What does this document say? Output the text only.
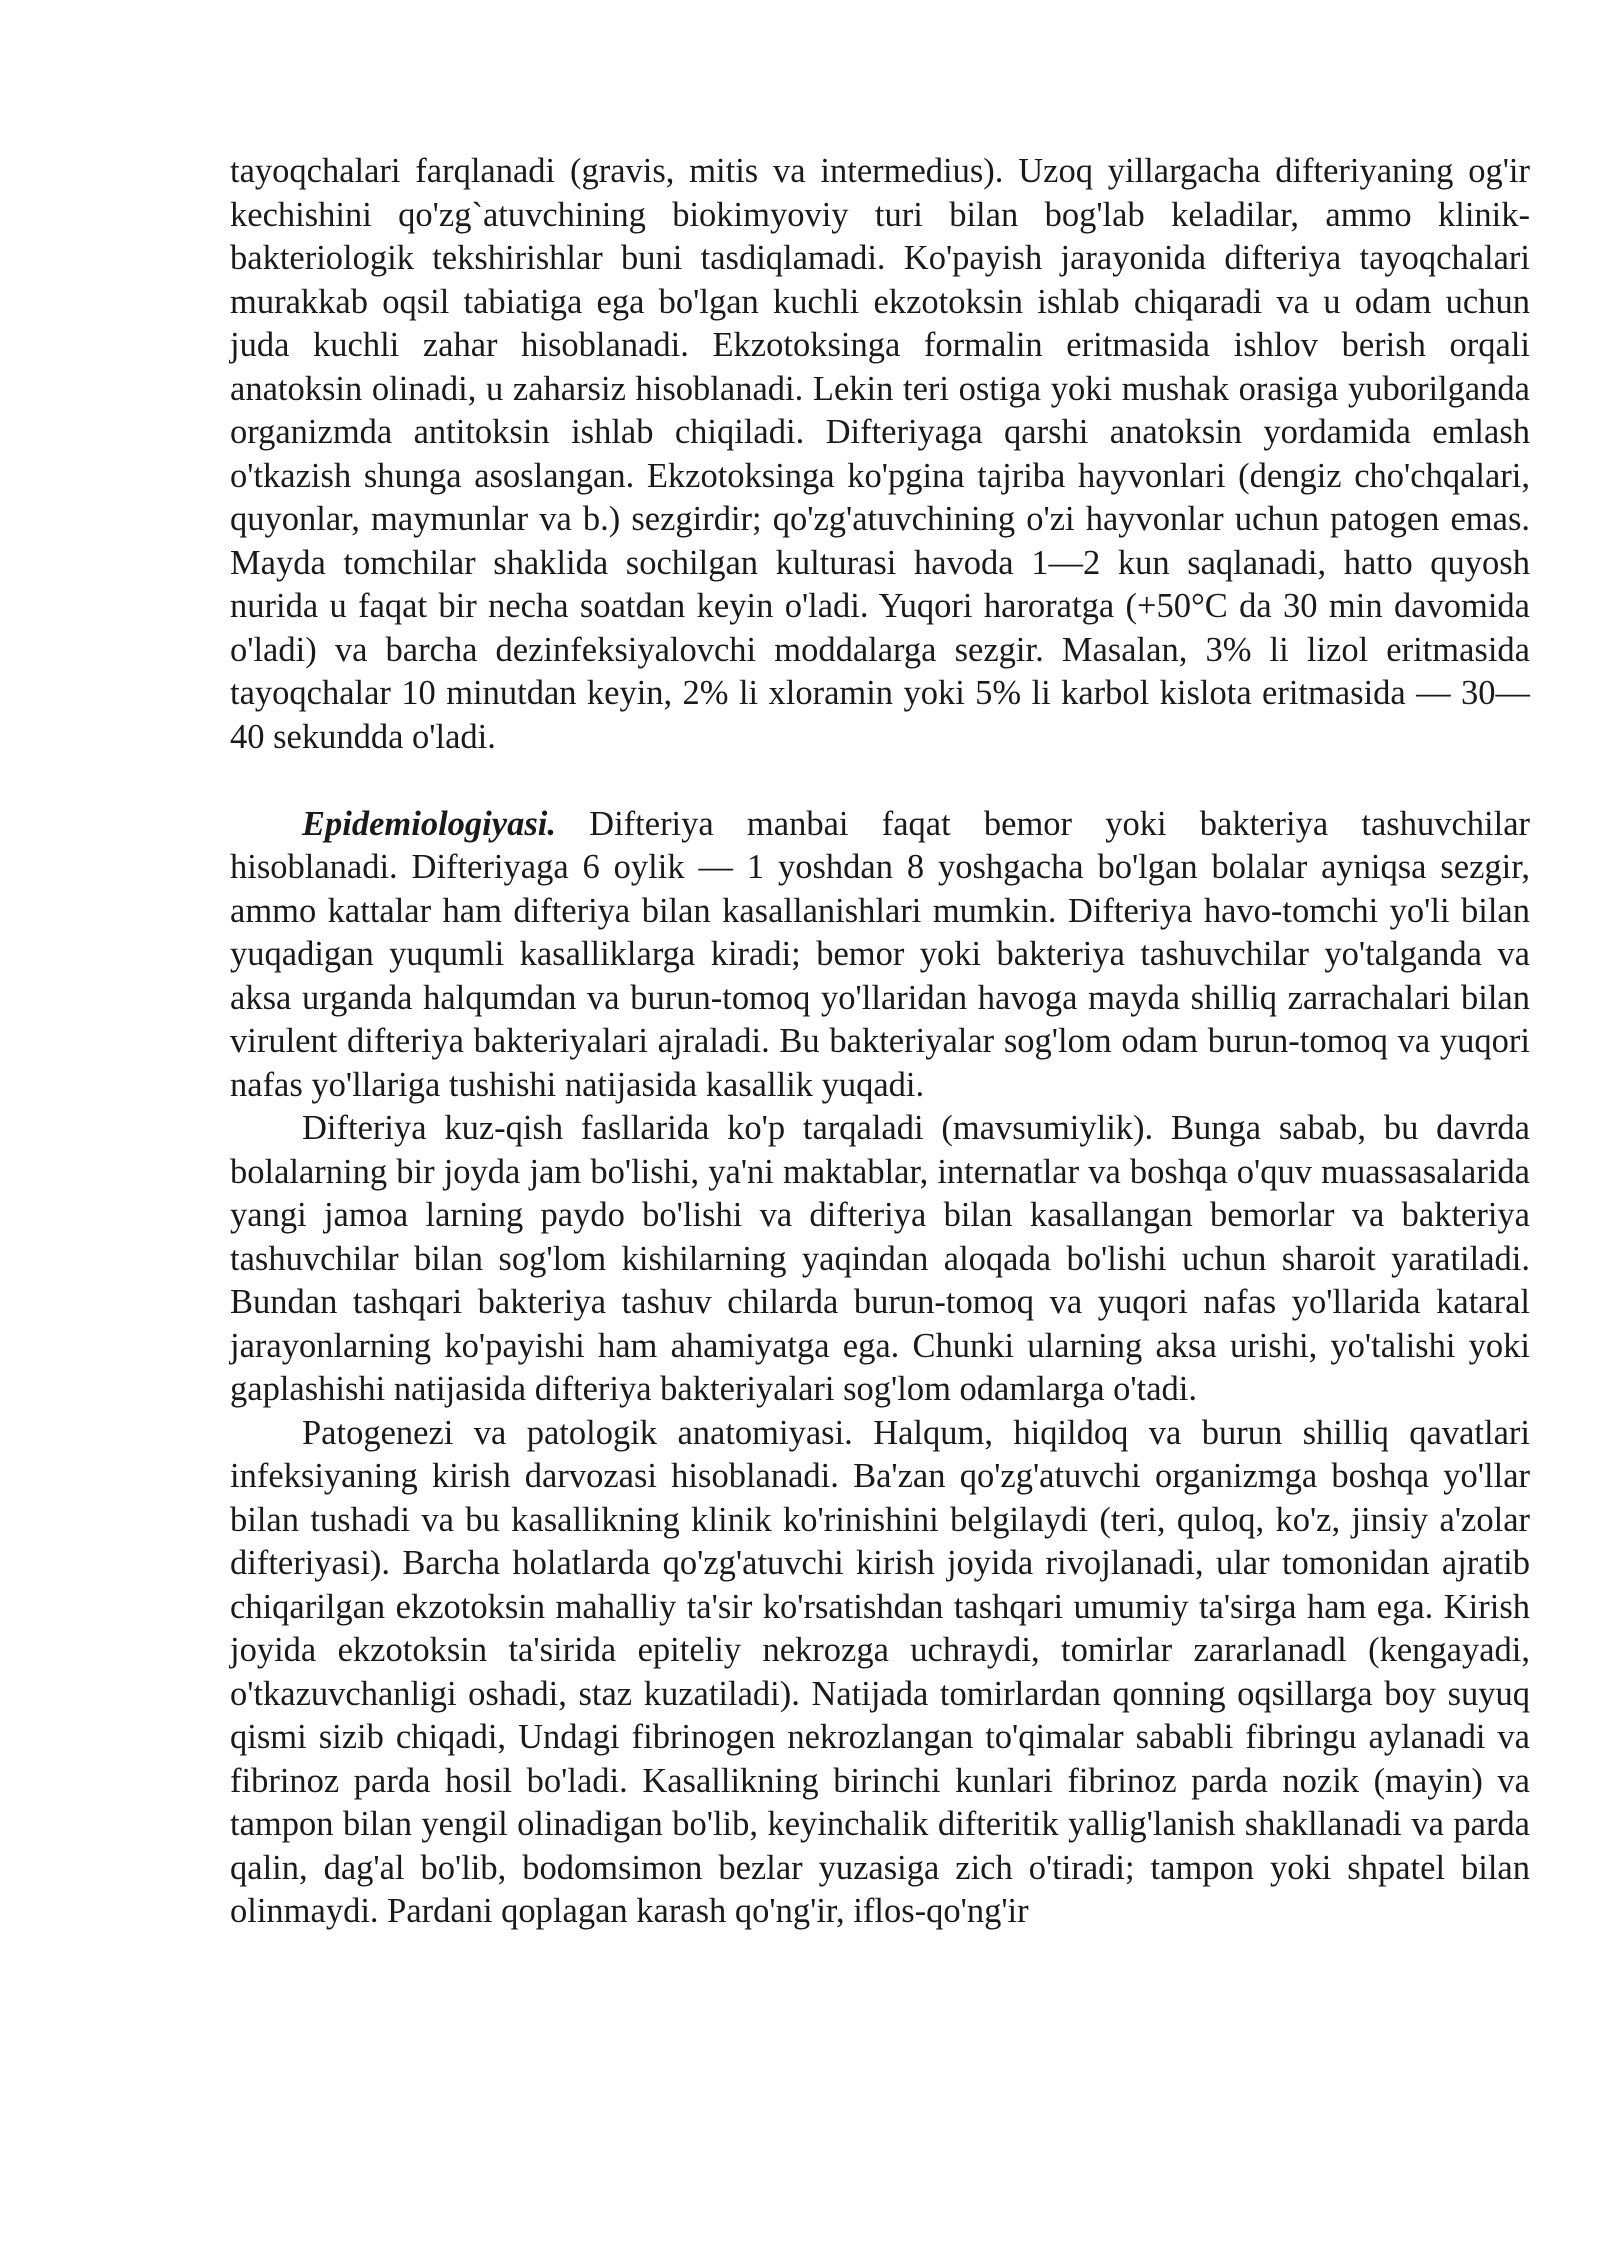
tayoqchalari farqlanadi (gravis, mitis va intermedius). Uzoq yillargacha difteriyaning og'ir kechishini qo'zg`atuvchining biokimyoviy turi bilan bog'lab keladilar, ammo klinik-bakteriologik tekshirishlar buni tasdiqlamadi. Ko'payish jarayonida difteriya tayoqchalari murakkab oqsil tabiatiga ega bo'lgan kuchli ekzotoksin ishlab chiqaradi va u odam uchun juda kuchli zahar hisoblanadi. Ekzotoksinga formalin eritmasida ishlov berish orqali anatoksin olinadi, u zaharsiz hisoblanadi. Lekin teri ostiga yoki mushak orasiga yuborilganda organizmda antitoksin ishlab chiqiladi. Difteriyaga qarshi anatoksin yordamida emlash o'tkazish shunga asoslangan. Ekzotoksinga ko'pgina tajriba hayvonlari (dengiz cho'chqalari, quyonlar, maymunlar va b.) sezgirdir; qo'zg'atuvchining o'zi hayvonlar uchun patogen emas. Mayda tomchilar shaklida sochilgan kulturasi havoda 1—2 kun saqlanadi, hatto quyosh nurida u faqat bir necha soatdan keyin o'ladi. Yuqori haroratga (+50°C da 30 min davomida o'ladi) va barcha dezinfeksiyalovchi moddalarga sezgir. Masalan, 3% li lizol eritmasida tayoqchalar 10 minutdan keyin, 2% li xloramin yoki 5% li karbol kislota eritmasida — 30—40 sekundda o'ladi.

Epidemiologiyasi. Difteriya manbai faqat bemor yoki bakteriya tashuvchilar hisoblanadi. Difteriyaga 6 oylik — 1 yoshdan 8 yoshgacha bo'lgan bolalar ayniqsa sezgir, ammo kattalar ham difteriya bilan kasallanishlari mumkin. Difteriya havo-tomchi yo'li bilan yuqadigan yuqumli kasalliklarga kiradi; bemor yoki bakteriya tashuvchilar yo'talganda va aksa urganda halqumdan va burun-tomoq yo'llaridan havoga mayda shilliq zarrachalari bilan virulent difteriya bakteriyalari ajraladi. Bu bakteriyalar sog'lom odam burun-tomoq va yuqori nafas yo'llariga tushishi natijasida kasallik yuqadi.

Difteriya kuz-qish fasllarida ko'p tarqaladi (mavsumiylik). Bunga sabab, bu davrda bolalarning bir joyda jam bo'lishi, ya'ni maktablar, internatlar va boshqa o'quv muassasalarida yangi jamoa larning paydo bo'lishi va difteriya bilan kasallangan bemorlar va bakteriya tashuvchilar bilan sog'lom kishilarning yaqindan aloqada bo'lishi uchun sharoit yaratiladi. Bundan tashqari bakteriya tashuv chilarda burun-tomoq va yuqori nafas yo'llarida kataral jarayonlarning ko'payishi ham ahamiyatga ega. Chunki ularning aksa urishi, yo'talishi yoki gaplashishi natijasida difteriya bakteriyalari sog'lom odamlarga o'tadi.

Patogenezi va patologik anatomiyasi. Halqum, hiqildoq va burun shilliq qavatlari infeksiyaning kirish darvozasi hisoblanadi. Ba'zan qo'zg'atuvchi organizmga boshqa yo'llar bilan tushadi va bu kasallikning klinik ko'rinishini belgilaydi (teri, quloq, ko'z, jinsiy a'zolar difteriyasi). Barcha holatlarda qo'zg'atuvchi kirish joyida rivojlanadi, ular tomonidan ajratib chiqarilgan ekzotoksin mahalliy ta'sir ko'rsatishdan tashqari umumiy ta'sirga ham ega. Kirish joyida ekzotoksin ta'sirida epiteliy nekrozga uchraydi, tomirlar zararlanadl (kengayadi, o'tkazuvchanligi oshadi, staz kuzatiladi). Natijada tomirlardan qonning oqsillarga boy suyuq qismi sizib chiqadi, Undagi fibrinogen nekrozlangan to'qimalar sababli fibringu aylanadi va fibrinoz parda hosil bo'ladi. Kasallikning birinchi kunlari fibrinoz parda nozik (mayin) va tampon bilan yengil olinadigan bo'lib, keyinchalik difteritik yallig'lanish shakllanadi va parda qalin, dag'al bo'lib, bodomsimon bezlar yuzasiga zich o'tiradi; tampon yoki shpatel bilan olinmaydi. Pardani qoplagan karash qo'ng'ir, iflos-qo'ng'ir
